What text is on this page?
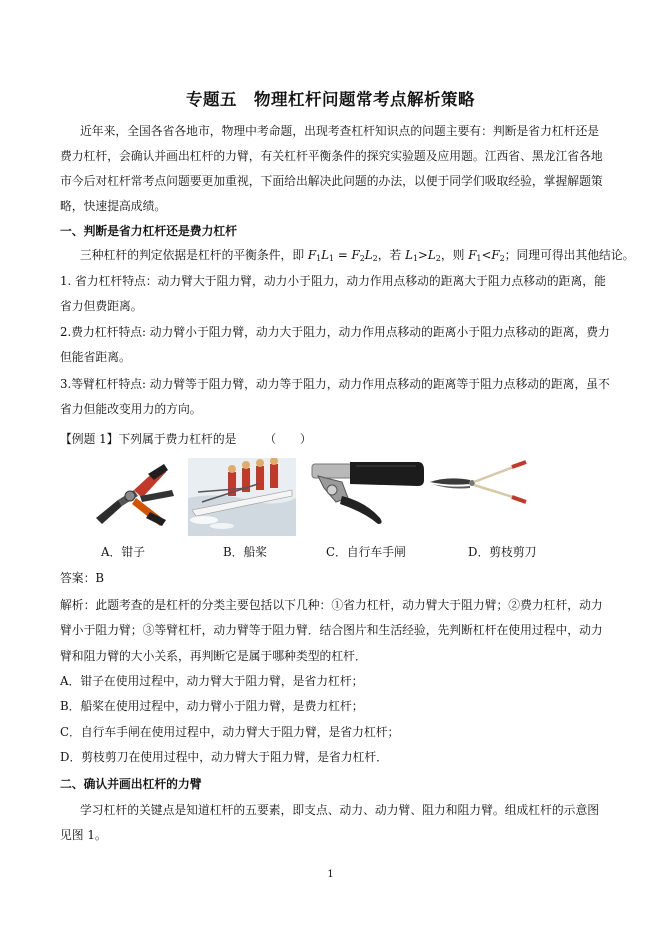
专题五　物理杠杆问题常考点解析策略
近年来，全国各省各地市，物理中考命题，出现考查杠杆知识点的问题主要有：判断是省力杠杆还是
费力杠杆，会确认并画出杠杆的力臂，有关杠杆平衡条件的探究实验题及应用题。江西省、黑龙江省各地
市今后对杠杆常考点问题要更加重视，下面给出解决此问题的办法，以便于同学们吸取经验，掌握解题策
略，快速提高成绩。
一、判断是省力杠杆还是费力杠杆
三种杠杆的判定依据是杠杆的平衡条件，即 $F_1L_1 = F_2L_2$，若 $L_1>L_2$，则 $F_1<F_2$；同理可得出其他结论。
1. 省力杠杆特点：动力臂大于阻力臂，动力小于阻力，动力作用点移动的距离大于阻力点移动的距离，能
省力但费距离。
2.费力杠杆特点: 动力臂小于阻力臂，动力大于阻力，动力作用点移动的距离小于阻力点移动的距离，费力
但能省距离。
3.等臂杠杆特点: 动力臂等于阻力臂，动力等于阻力，动力作用点移动的距离等于阻力点移动的距离，虽不
省力但能改变用力的方向。
【例题 1】下列属于费力杠杆的是 （　　）
A．钳子	B．船桨	C．自行车手闸	D．剪枝剪刀
答案：B
解析：此题考查的是杠杆的分类主要包括以下几种：①省力杠杆，动力臂大于阻力臂；②费力杠杆，动力
臂小于阻力臂；③等臂杠杆，动力臂等于阻力臂．结合图片和生活经验，先判断杠杆在使用过程中，动力
臂和阻力臂的大小关系，再判断它是属于哪种类型的杠杆．
A．钳子在使用过程中，动力臂大于阻力臂，是省力杠杆；
B．船桨在使用过程中，动力臂小于阻力臂，是费力杠杆；
C．自行车手闸在使用过程中，动力臂大于阻力臂，是省力杠杆；
D．剪枝剪刀在使用过程中，动力臂大于阻力臂，是省力杠杆．
二、确认并画出杠杆的力臂
学习杠杆的关键点是知道杠杆的五要素，即支点、动力、动力臂、阻力和阻力臂。组成杠杆的示意图
见图 1。
1
